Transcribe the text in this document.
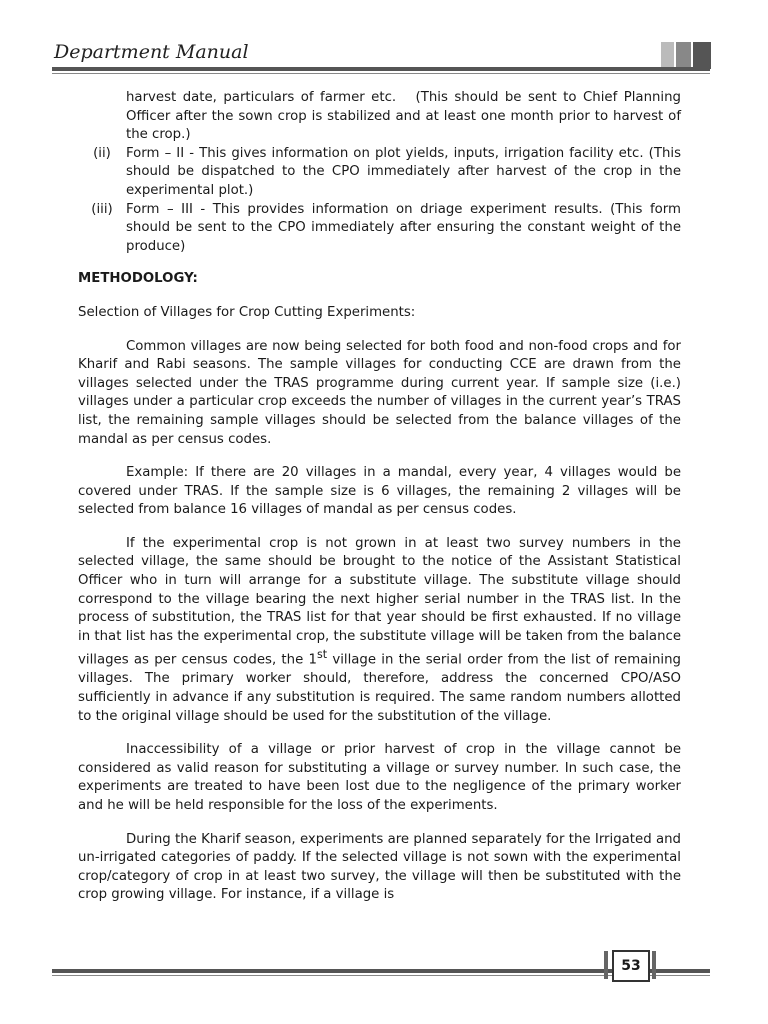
Department Manual

harvest date, particulars of farmer etc. (This should be sent to Chief Planning Officer after the sown crop is stabilized and at least one month prior to harvest of the crop.)

(ii)	Form – II - This gives information on plot yields, inputs, irrigation facility etc. (This should be dispatched to the CPO immediately after harvest of the crop in the experimental plot.)
(iii) Form – III - This provides information on driage experiment results. (This form should be sent to the CPO immediately after ensuring the constant weight of the produce)

METHODOLOGY:

Selection of Villages for Crop Cutting Experiments:

Common villages are now being selected for both food and non-food crops and for Kharif and Rabi seasons. The sample villages for conducting CCE are drawn from the villages selected under the TRAS programme during current year. If sample size (i.e.) villages under a particular crop exceeds the number of villages in the current year’s TRAS list, the remaining sample villages should be selected from the balance villages of the mandal as per census codes.

Example: If there are 20 villages in a mandal, every year, 4 villages would be covered under TRAS. If the sample size is 6 villages, the remaining 2 villages will be selected from balance 16 villages of mandal as per census codes.

If the experimental crop is not grown in at least two survey numbers in the selected village, the same should be brought to the notice of the Assistant Statistical Officer who in turn will arrange for a substitute village. The substitute village should correspond to the village bearing the next higher serial number in the TRAS list. In the process of substitution, the TRAS list for that year should be first exhausted. If no village in that list has the experimental crop, the substitute village will be taken from the balance villages as per census codes, the 1st village in the serial order from the list of remaining villages. The primary worker should, therefore, address the concerned CPO/ASO sufficiently in advance if any substitution is required. The same random numbers allotted to the original village should be used for the substitution of the village.

Inaccessibility of a village or prior harvest of crop in the village cannot be considered as valid reason for substituting a village or survey number. In such case, the experiments are treated to have been lost due to the negligence of the primary worker and he will be held responsible for the loss of the experiments.

During the Kharif season, experiments are planned separately for the Irrigated and un-irrigated categories of paddy. If the selected village is not sown with the experimental crop/category of crop in at least two survey, the village will then be substituted with the crop growing village. For instance, if a village is

53
